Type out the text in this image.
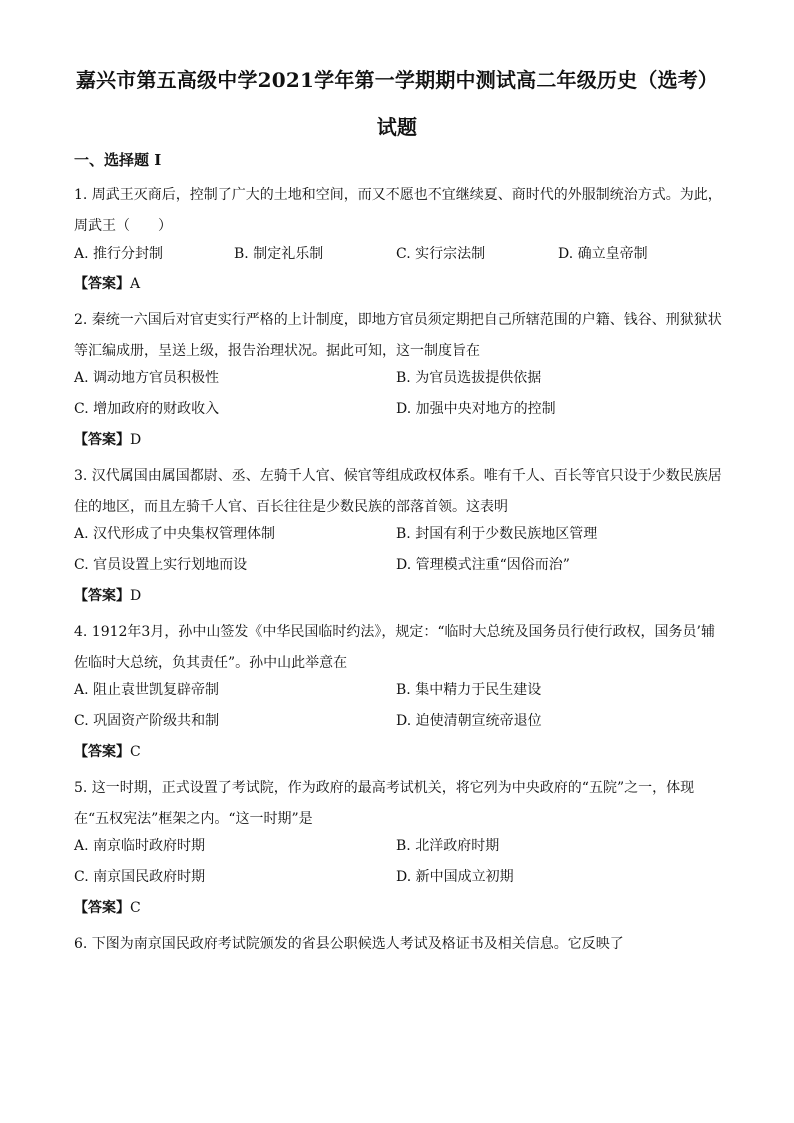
嘉兴市第五高级中学2021学年第一学期期中测试高二年级历史（选考）
试题
一、选择题 I
1. 周武王灭商后，控制了广大的土地和空间，而又不愿也不宜继续夏、商时代的外服制统治方式。为此，周武王（　　）
A. 推行分封制	B. 制定礼乐制	C. 实行宗法制	D. 确立皇帝制
【答案】A
2. 秦统一六国后对官吏实行严格的上计制度，即地方官员须定期把自己所辖范围的户籍、钱谷、刑狱狱状等汇编成册，呈送上级，报告治理状况。据此可知，这一制度旨在
A. 调动地方官员积极性	B. 为官员选拔提供依据
C. 增加政府的财政收入	D. 加强中央对地方的控制
【答案】D
3. 汉代属国由属国都尉、丞、左骑千人官、候官等组成政权体系。唯有千人、百长等官只设于少数民族居住的地区，而且左骑千人官、百长往往是少数民族的部落首领。这表明
A. 汉代形成了中央集权管理体制	B. 封国有利于少数民族地区管理
C. 官员设置上实行划地而设	D. 管理模式注重“因俗而治”
【答案】D
4. 1912年3月，孙中山签发《中华民国临时约法》，规定：“临时大总统及国务员行使行政权，国务员’辅佐临时大总统，负其责任”。孙中山此举意在
A. 阻止袁世凯复辟帝制	B. 集中精力于民生建设
C. 巩固资产阶级共和制	D. 迫使清朝宣统帝退位
【答案】C
5. 这一时期，正式设置了考试院，作为政府的最高考试机关，将它列为中央政府的“五院”之一，体现在“五权宪法”框架之内。“这一时期”是
A. 南京临时政府时期	B. 北洋政府时期
C. 南京国民政府时期	D. 新中国成立初期
【答案】C
6. 下图为南京国民政府考试院颁发的省县公职候选人考试及格证书及相关信息。它反映了
